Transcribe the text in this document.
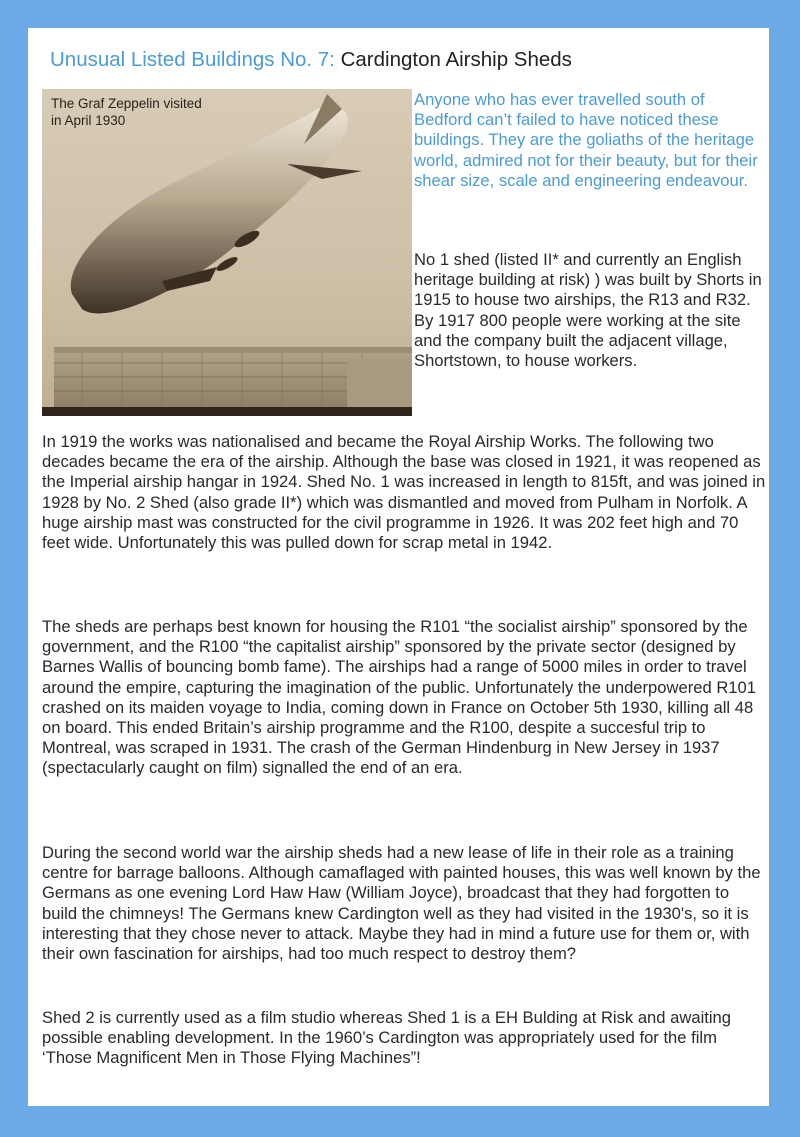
Unusual Listed Buildings No. 7: Cardington Airship Sheds
The Graf Zeppelin visited in April 1930

Anyone who has ever travelled south of Bedford can’t failed to have noticed these buildings. They are the goliaths of the heritage world, admired not for their beauty, but for their shear size, scale and engineering endeavour.

No 1 shed (listed II* and currently an English heritage building at risk) ) was built by Shorts in 1915 to house two airships, the R13 and R32. By 1917 800 people were working at the site and the company built the adjacent village, Shortstown, to house workers.

In 1919 the works was nationalised and became the Royal Airship Works. The following two decades became the era of the airship. Although the base was closed in 1921, it was reopened as the Imperial airship hangar in 1924. Shed No. 1 was increased in length to 815ft, and was joined in 1928 by No. 2 Shed (also grade II*) which was dismantled and moved from Pulham in Norfolk. A huge airship mast was constructed for the civil programme in 1926. It was 202 feet high and 70 feet wide. Unfortunately this was pulled down for scrap metal in 1942.

The sheds are perhaps best known for housing the R101 “the socialist airship” sponsored by the government, and the R100 “the capitalist airship” sponsored by the private sector (designed by Barnes Wallis of bouncing bomb fame). The airships had a range of 5000 miles in order to travel around the empire, capturing the imagination of the public. Unfortunately the underpowered R101 crashed on its maiden voyage to India, coming down in France on October 5th 1930, killing all 48 on board. This ended Britain’s airship programme and the R100, despite a succesful trip to Montreal, was scraped in 1931. The crash of the German Hindenburg in New Jersey in 1937 (spectacularly caught on film) signalled the end of an era.

During the second world war the airship sheds had a new lease of life in their role as a training centre for barrage balloons. Although camaflaged with painted houses, this was well known by the Germans as one evening Lord Haw Haw (William Joyce), broadcast that they had forgotten to build the chimneys! The Germans knew Cardington well as they had visited in the 1930's, so it is interesting that they chose never to attack. Maybe they had in mind a future use for them or, with their own fascination for airships, had too much respect to destroy them?

Shed 2 is currently used as a film studio whereas Shed 1 is a EH Bulding at Risk and awaiting possible enabling development. In the 1960’s Cardington was appropriately used for the film ‘Those Magnificent Men in Those Flying Machines”!
